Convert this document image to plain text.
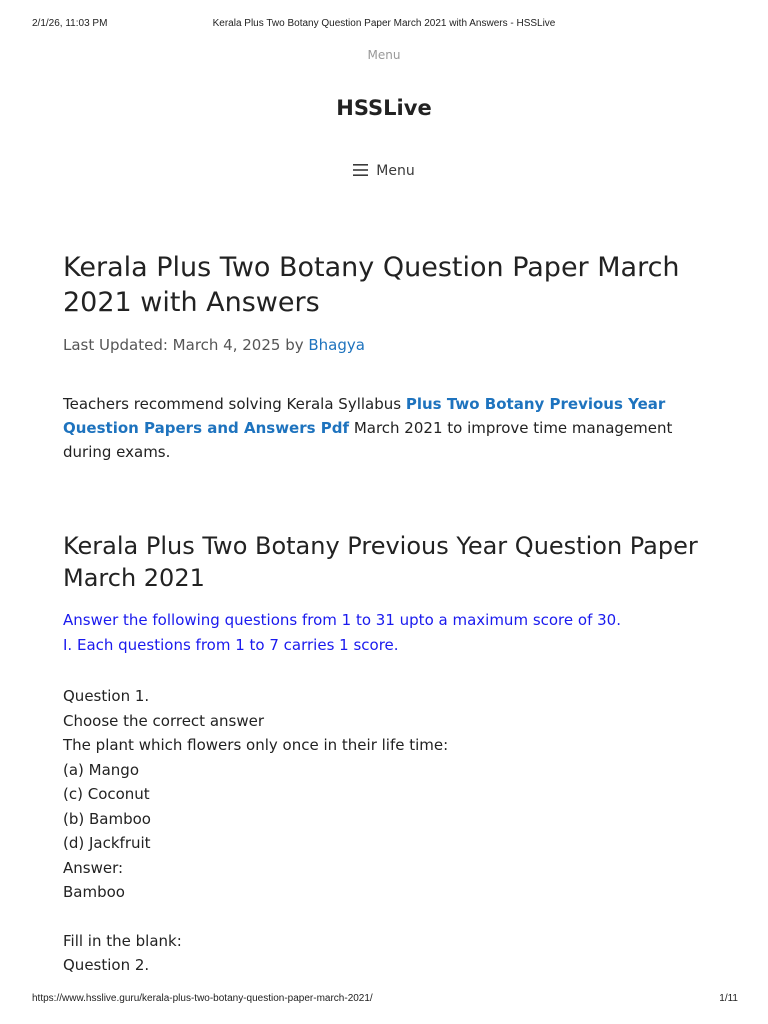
2/1/26, 11:03 PM	Kerala Plus Two Botany Question Paper March 2021 with Answers - HSSLive
Menu
HSSLive
Menu
Kerala Plus Two Botany Question Paper March 2021 with Answers
Last Updated: March 4, 2025 by Bhagya
Teachers recommend solving Kerala Syllabus Plus Two Botany Previous Year Question Papers and Answers Pdf March 2021 to improve time management during exams.
Kerala Plus Two Botany Previous Year Question Paper March 2021
Answer the following questions from 1 to 31 upto a maximum score of 30.
I. Each questions from 1 to 7 carries 1 score.
Question 1.
Choose the correct answer
The plant which flowers only once in their life time:
(a) Mango
(c) Coconut
(b) Bamboo
(d) Jackfruit
Answer:
Bamboo
Fill in the blank:
Question 2.
https://www.hsslive.guru/kerala-plus-two-botany-question-paper-march-2021/	1/11
